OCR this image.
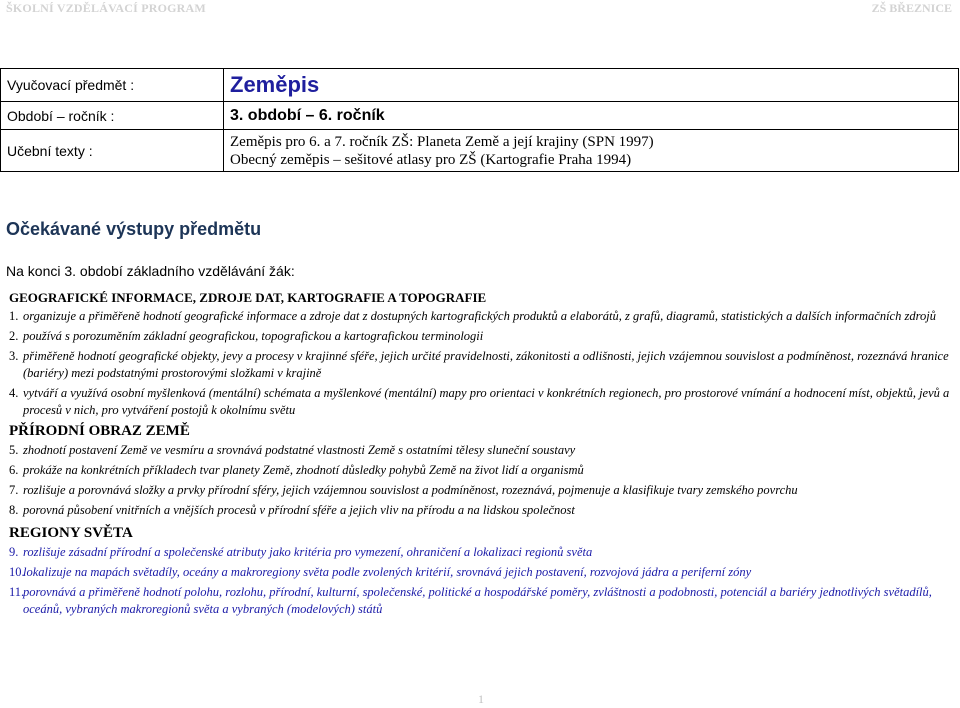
ŠKOLNÍ VZDĚLÁVACÍ PROGRAM	ZŠ BŘEZNICE
Vyučovací předmět :	Zeměpis
Období – ročník :	3. období – 6. ročník
Učební texty :	Zeměpis pro 6. a 7. ročník ZŠ: Planeta Země a její krajiny (SPN 1997)
Obecný zeměpis – sešitové atlasy pro ZŠ (Kartografie Praha 1994)
Očekávané výstupy předmětu
Na konci 3. období základního vzdělávání žák:
GEOGRAFICKÉ INFORMACE, ZDROJE DAT, KARTOGRAFIE A TOPOGRAFIE
1. organizuje a přiměřeně hodnotí geografické informace a zdroje dat z dostupných kartografických produktů a elaborátů, z grafů, diagramů, statistických a dalších informačních zdrojů
2. používá s porozuměním základní geografickou, topografickou a kartografickou terminologii
3. přiměřeně hodnotí geografické objekty, jevy a procesy v krajinné sféře, jejich určité pravidelnosti, zákonitosti a odlišnosti, jejich vzájemnou souvislost a podmíněnost, rozeznává hranice (bariéry) mezi podstatnými prostorovými složkami v krajině
4. vytváří a využívá osobní myšlenková (mentální) schémata a myšlenkové (mentální) mapy pro orientaci v konkrétních regionech, pro prostorové vnímání a hodnocení míst, objektů, jevů a procesů v nich, pro vytváření postojů k okolnímu světu
PŘÍRODNÍ OBRAZ ZEMĚ
5. zhodnotí postavení Země ve vesmíru a srovnává podstatné vlastnosti Země s ostatními tělesy sluneční soustavy
6. prokáže na konkrétních příkladech tvar planety Země, zhodnotí důsledky pohybů Země na život lidí a organismů
7. rozlišuje a porovnává složky a prvky přírodní sféry, jejich vzájemnou souvislost a podmíněnost, rozeznává, pojmenuje a klasifikuje tvary zemského povrchu
8. porovná působení vnitřních a vnějších procesů v přírodní sféře a jejich vliv na přírodu a na lidskou společnost
REGIONY SVĚTA
9. rozlišuje zásadní přírodní a společenské atributy jako kritéria pro vymezení, ohraničení a lokalizaci regionů světa
10.
lokalizuje na mapách světadíly, oceány a makroregiony světa podle zvolených kritérií, srovnává jejich postavení, rozvojová jádra a periferní zóny
11.
porovnává a přiměřeně hodnotí polohu, rozlohu, přírodní, kulturní, společenské, politické a hospodářské poměry, zvláštnosti a podobnosti, potenciál a bariéry jednotlivých světadílů, oceánů, vybraných makroregionů světa a vybraných (modelových) států
1
